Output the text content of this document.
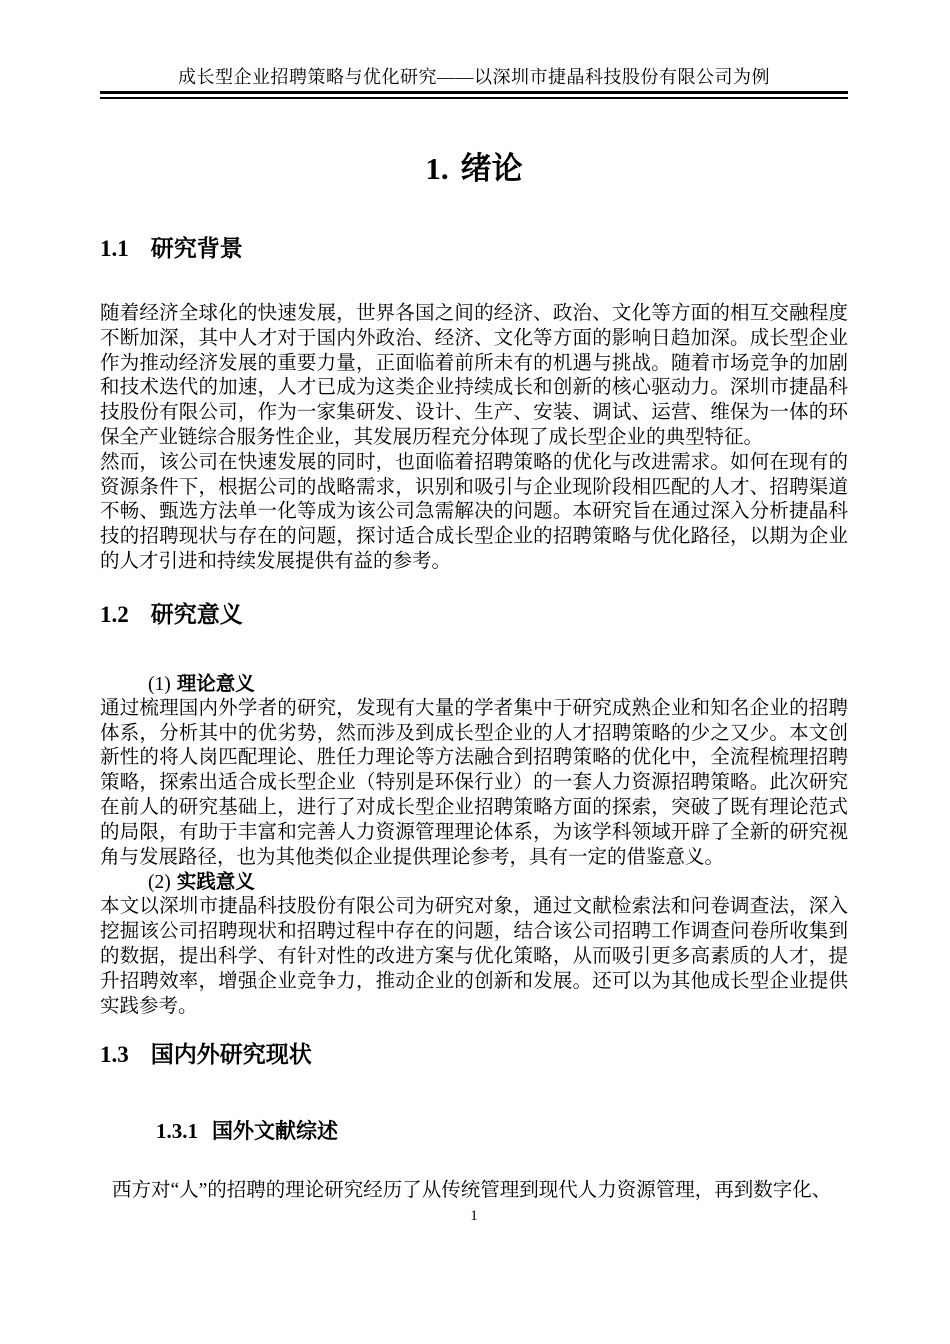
成长型企业招聘策略与优化研究——以深圳市捷晶科技股份有限公司为例
1. 绪论
1.1 研究背景

随着经济全球化的快速发展，世界各国之间的经济、政治、文化等方面的相互交融程度不断加深，其中人才对于国内外政治、经济、文化等方面的影响日趋加深。成长型企业作为推动经济发展的重要力量，正面临着前所未有的机遇与挑战。随着市场竞争的加剧和技术迭代的加速，人才已成为这类企业持续成长和创新的核心驱动力。深圳市捷晶科技股份有限公司，作为一家集研发、设计、生产、安装、调试、运营、维保为一体的环保全产业链综合服务性企业，其发展历程充分体现了成长型企业的典型特征。

然而，该公司在快速发展的同时，也面临着招聘策略的优化与改进需求。如何在现有的资源条件下，根据公司的战略需求，识别和吸引与企业现阶段相匹配的人才、招聘渠道不畅、甄选方法单一化等成为该公司急需解决的问题。本研究旨在通过深入分析捷晶科技的招聘现状与存在的问题，探讨适合成长型企业的招聘策略与优化路径，以期为企业的人才引进和持续发展提供有益的参考。

1.2 研究意义

(1) 理论意义

通过梳理国内外学者的研究，发现有大量的学者集中于研究成熟企业和知名企业的招聘体系，分析其中的优劣势，然而涉及到成长型企业的人才招聘策略的少之又少。本文创新性的将人岗匹配理论、胜任力理论等方法融合到招聘策略的优化中，全流程梳理招聘策略，探索出适合成长型企业（特别是环保行业）的一套人力资源招聘策略。此次研究在前人的研究基础上，进行了对成长型企业招聘策略方面的探索，突破了既有理论范式的局限，有助于丰富和完善人力资源管理理论体系，为该学科领域开辟了全新的研究视角与发展路径，也为其他类似企业提供理论参考，具有一定的借鉴意义。

(2) 实践意义

本文以深圳市捷晶科技股份有限公司为研究对象，通过文献检索法和问卷调查法，深入挖掘该公司招聘现状和招聘过程中存在的问题，结合该公司招聘工作调查问卷所收集到的数据，提出科学、有针对性的改进方案与优化策略，从而吸引更多高素质的人才，提升招聘效率，增强企业竞争力，推动企业的创新和发展。还可以为其他成长型企业提供实践参考。

1.3 国内外研究现状
1.3.1 国外文献综述

西方对“人”的招聘的理论研究经历了从传统管理到现代人力资源管理，再到数字化、

1
